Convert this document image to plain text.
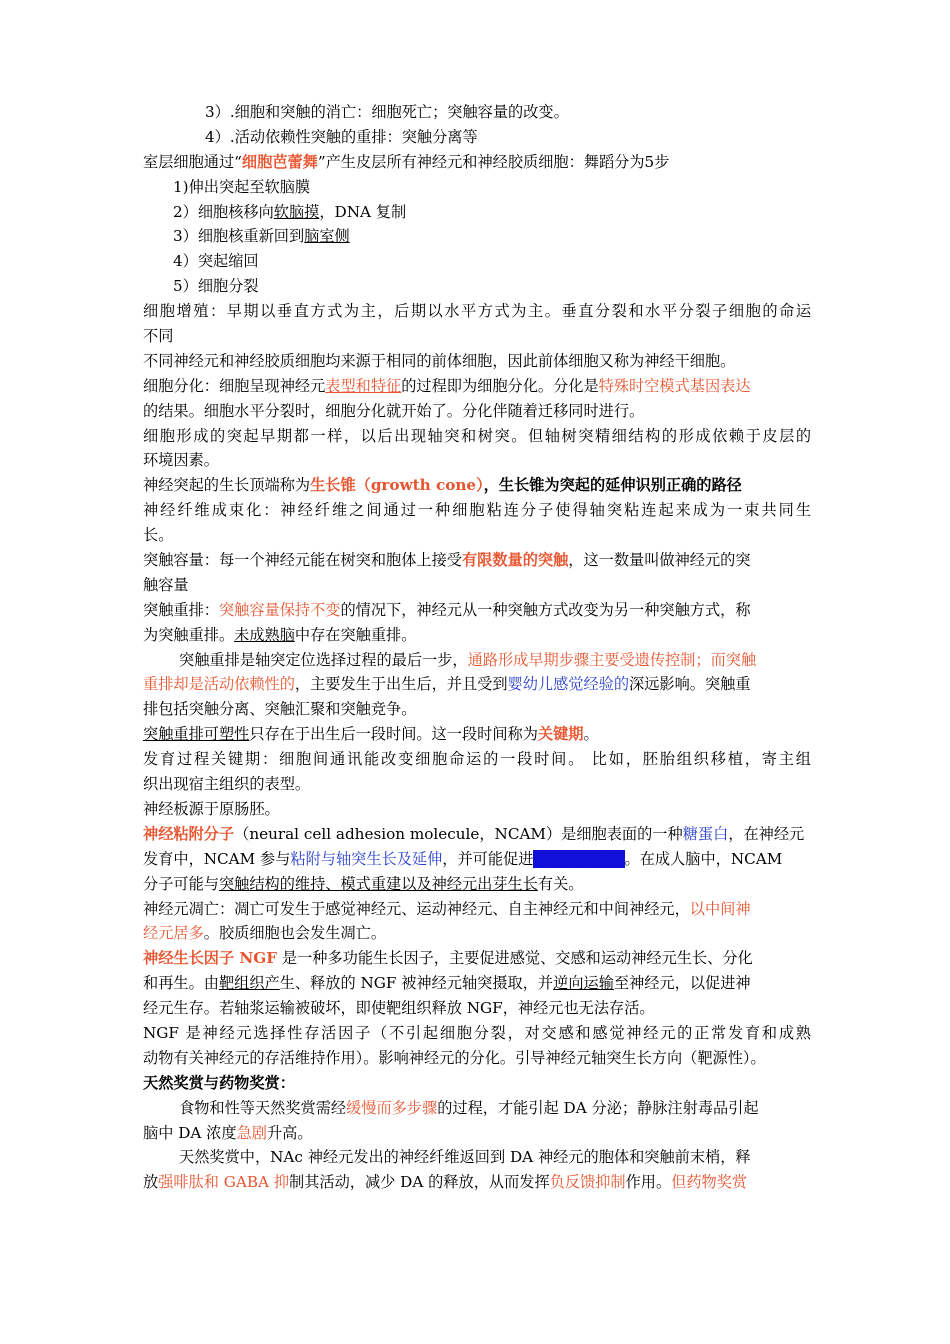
3）.细胞和突触的消亡：细胞死亡；突触容量的改变。
4）.活动依赖性突触的重排：突触分离等
室层细胞通过“细胞芭蕾舞”产生皮层所有神经元和神经胶质细胞：舞蹈分为5步
1)伸出突起至软脑膜
2）细胞核移向软脑摸，DNA 复制
3）细胞核重新回到脑室侧
4）突起缩回
5）细胞分裂
细胞增殖：早期以垂直方式为主，后期以水平方式为主。垂直分裂和水平分裂子细胞的命运
不同
不同神经元和神经胶质细胞均来源于相同的前体细胞，因此前体细胞又称为神经干细胞。
细胞分化：细胞呈现神经元表型和特征的过程即为细胞分化。分化是特殊时空模式基因表达
的结果。细胞水平分裂时，细胞分化就开始了。分化伴随着迁移同时进行。
细胞形成的突起早期都一样，以后出现轴突和树突。但轴树突精细结构的形成依赖于皮层的
环境因素。
神经突起的生长顶端称为生长锥（growth cone），生长锥为突起的延伸识别正确的路径
神经纤维成束化：神经纤维之间通过一种细胞粘连分子使得轴突粘连起来成为一束共同生
长。
突触容量：每一个神经元能在树突和胞体上接受有限数量的突触，这一数量叫做神经元的突
触容量
突触重排：突触容量保持不变的情况下，神经元从一种突触方式改变为另一种突触方式，称
为突触重排。未成熟脑中存在突触重排。
突触重排是轴突定位选择过程的最后一步，通路形成早期步骤主要受遗传控制；而突触
重排却是活动依赖性的，主要发生于出生后，并且受到婴幼儿感觉经验的深远影响。突触重
排包括突触分离、突触汇聚和突触竞争。
突触重排可塑性只存在于出生后一段时间。这一段时间称为关键期。
发育过程关键期：细胞间通讯能改变细胞命运的一段时间。 比如，胚胎组织移植，寄主组
织出现宿主组织的表型。
神经板源于原肠胚。
神经粘附分子（neural cell adhesion molecule，NCAM）是细胞表面的一种糖蛋白，在神经元
发育中，NCAM 参与粘附与轴突生长及延伸，并可能促进突触的可塑性。在成人脑中，NCAM
分子可能与突触结构的维持、模式重建以及神经元出芽生长有关。
神经元凋亡：凋亡可发生于感觉神经元、运动神经元、自主神经元和中间神经元，以中间神
经元居多。胶质细胞也会发生凋亡。
神经生长因子 NGF 是一种多功能生长因子，主要促进感觉、交感和运动神经元生长、分化
和再生。由靶组织产生、释放的 NGF 被神经元轴突摄取，并逆向运输至神经元，以促进神
经元生存。若轴浆运输被破坏，即使靶组织释放 NGF，神经元也无法存活。
NGF 是神经元选择性存活因子（不引起细胞分裂，对交感和感觉神经元的正常发育和成熟
动物有关神经元的存活维持作用）。影响神经元的分化。引导神经元轴突生长方向（靶源性）。
天然奖赏与药物奖赏：
食物和性等天然奖赏需经缓慢而多步骤的过程，才能引起 DA 分泌；静脉注射毒品引起
脑中 DA 浓度急剧升高。
天然奖赏中，NAc 神经元发出的神经纤维返回到 DA 神经元的胞体和突触前末梢，释
放强啡肽和 GABA 抑制其活动，减少 DA 的释放，从而发挥负反馈抑制作用。但药物奖赏
